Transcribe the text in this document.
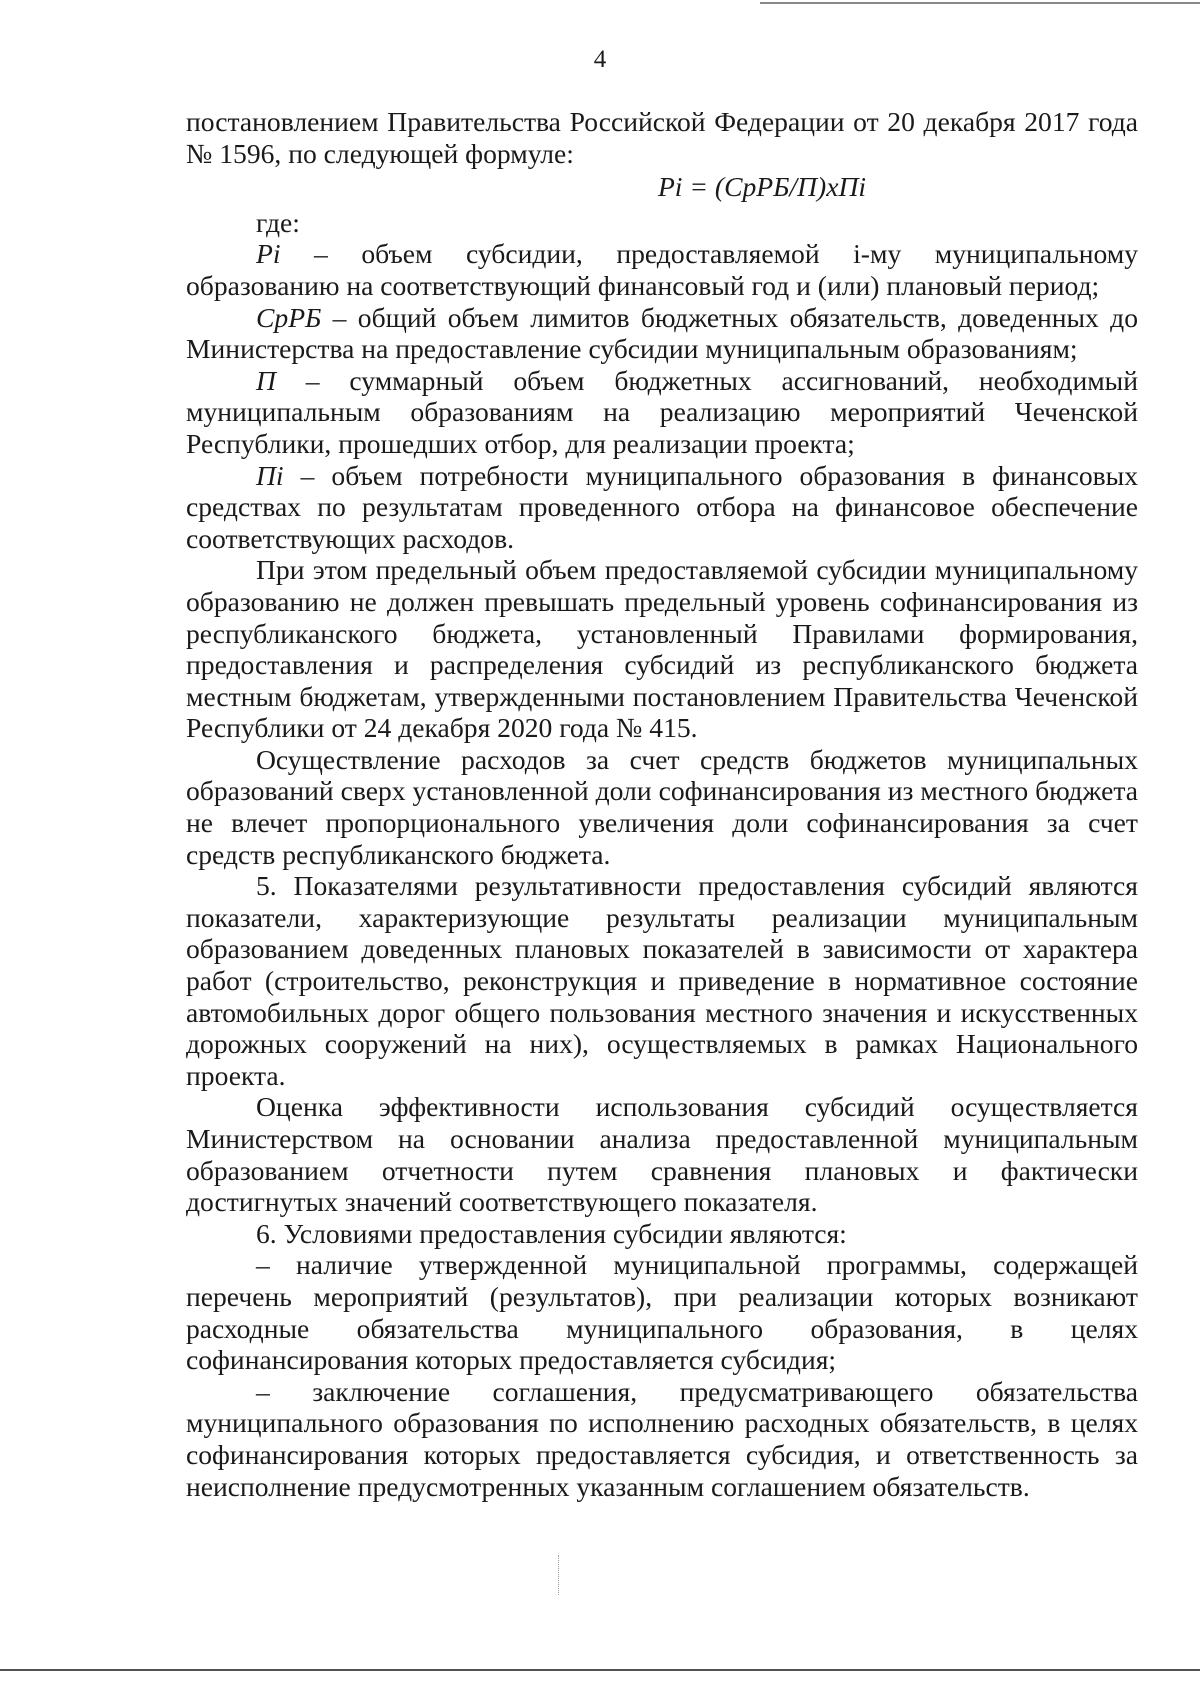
4

постановлением Правительства Российской Федерации от 20 декабря 2017 года № 1596, по следующей формуле:

Pi = (СрРБ/П)хПi

где:

Pi – объем субсидии, предоставляемой i-му муниципальному образованию на соответствующий финансовый год и (или) плановый период;

СрРБ – общий объем лимитов бюджетных обязательств, доведенных до Министерства на предоставление субсидии муниципальным образованиям;

П – суммарный объем бюджетных ассигнований, необходимый муниципальным образованиям на реализацию мероприятий Чеченской Республики, прошедших отбор, для реализации проекта;

Пi – объем потребности муниципального образования в финансовых средствах по результатам проведенного отбора на финансовое обеспечение соответствующих расходов.

При этом предельный объем предоставляемой субсидии муниципальному образованию не должен превышать предельный уровень софинансирования из республиканского бюджета, установленный Правилами формирования, предоставления и распределения субсидий из республиканского бюджета местным бюджетам, утвержденными постановлением Правительства Чеченской Республики от 24 декабря 2020 года № 415.

Осуществление расходов за счет средств бюджетов муниципальных образований сверх установленной доли софинансирования из местного бюджета не влечет пропорционального увеличения доли софинансирования за счет средств республиканского бюджета.

5. Показателями результативности предоставления субсидий являются показатели, характеризующие результаты реализации муниципальным образованием доведенных плановых показателей в зависимости от характера работ (строительство, реконструкция и приведение в нормативное состояние автомобильных дорог общего пользования местного значения и искусственных дорожных сооружений на них), осуществляемых в рамках Национального проекта.

Оценка эффективности использования субсидий осуществляется Министерством на основании анализа предоставленной муниципальным образованием отчетности путем сравнения плановых и фактически достигнутых значений соответствующего показателя.

6. Условиями предоставления субсидии являются:

– наличие утвержденной муниципальной программы, содержащей перечень мероприятий (результатов), при реализации которых возникают расходные обязательства муниципального образования, в целях софинансирования которых предоставляется субсидия;

– заключение соглашения, предусматривающего обязательства муниципального образования по исполнению расходных обязательств, в целях софинансирования которых предоставляется субсидия, и ответственность за неисполнение предусмотренных указанным соглашением обязательств.
